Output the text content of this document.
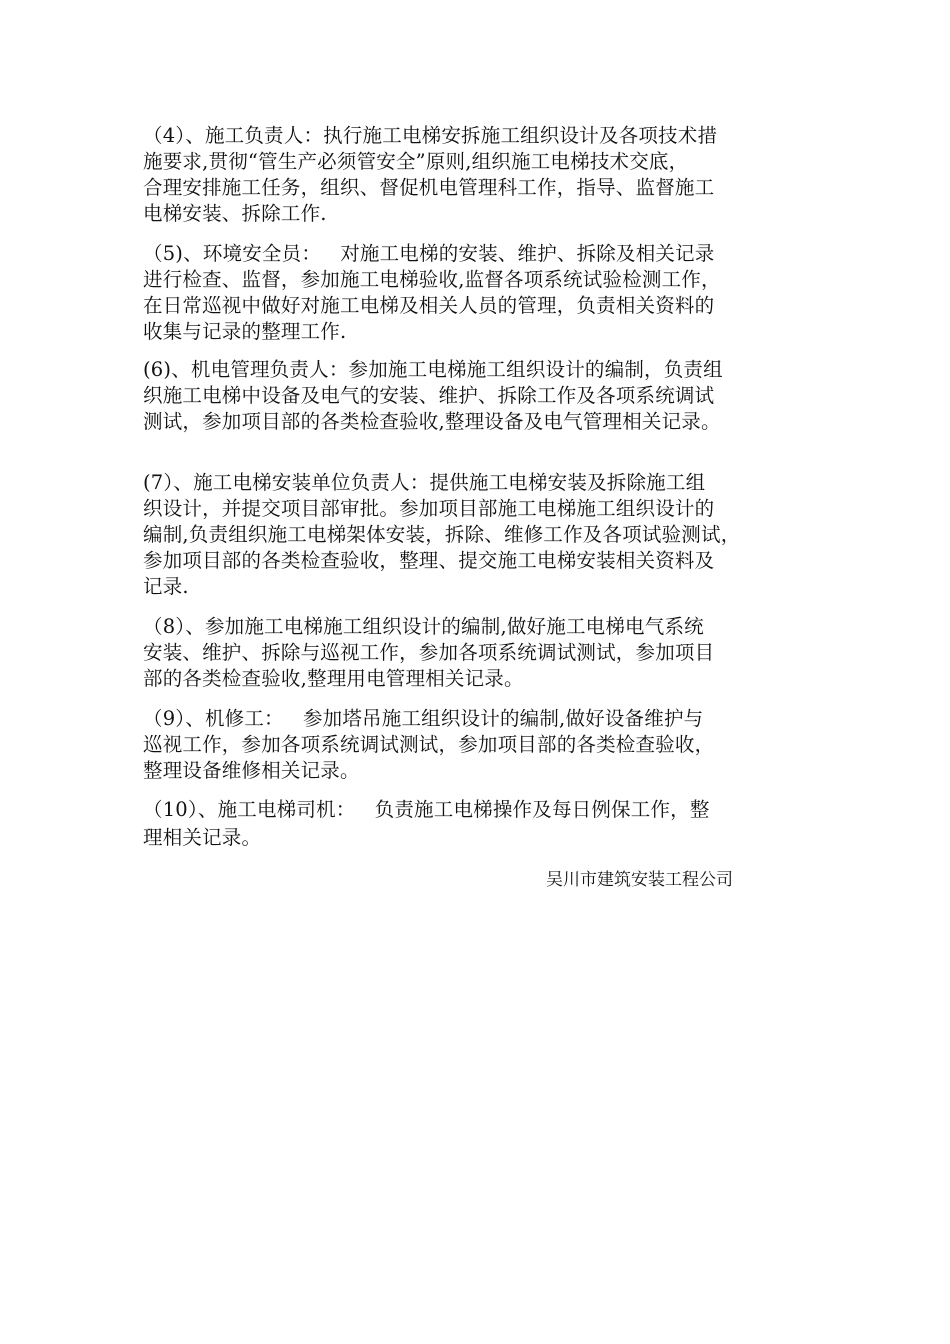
（4）、施工负责人：执行施工电梯安拆施工组织设计及各项技术措
施要求,贯彻“管生产必须管安全”原则,组织施工电梯技术交底，
合理安排施工任务，组织、督促机电管理科工作，指导、监督施工
电梯安装、拆除工作.
（5)、环境安全员：   对施工电梯的安装、维护、拆除及相关记录
进行检查、监督，参加施工电梯验收,监督各项系统试验检测工作，
在日常巡视中做好对施工电梯及相关人员的管理，负责相关资料的
收集与记录的整理工作.
(6)、机电管理负责人：参加施工电梯施工组织设计的编制，负责组
织施工电梯中设备及电气的安装、维护、拆除工作及各项系统调试
测试，参加项目部的各类检查验收,整理设备及电气管理相关记录。
(7）、施工电梯安装单位负责人：提供施工电梯安装及拆除施工组
织设计，并提交项目部审批。参加项目部施工电梯施工组织设计的
编制,负责组织施工电梯架体安装，拆除、维修工作及各项试验测试，
参加项目部的各类检查验收，整理、提交施工电梯安装相关资料及
记录.
（8）、参加施工电梯施工组织设计的编制,做好施工电梯电气系统
安装、维护、拆除与巡视工作，参加各项系统调试测试，参加项目
部的各类检查验收,整理用电管理相关记录。
（9）、机修工：   参加塔吊施工组织设计的编制,做好设备维护与
巡视工作，参加各项系统调试测试，参加项目部的各类检查验收，
整理设备维修相关记录。
（10）、施工电梯司机：   负责施工电梯操作及每日例保工作，整
理相关记录。
吴川市建筑安装工程公司
